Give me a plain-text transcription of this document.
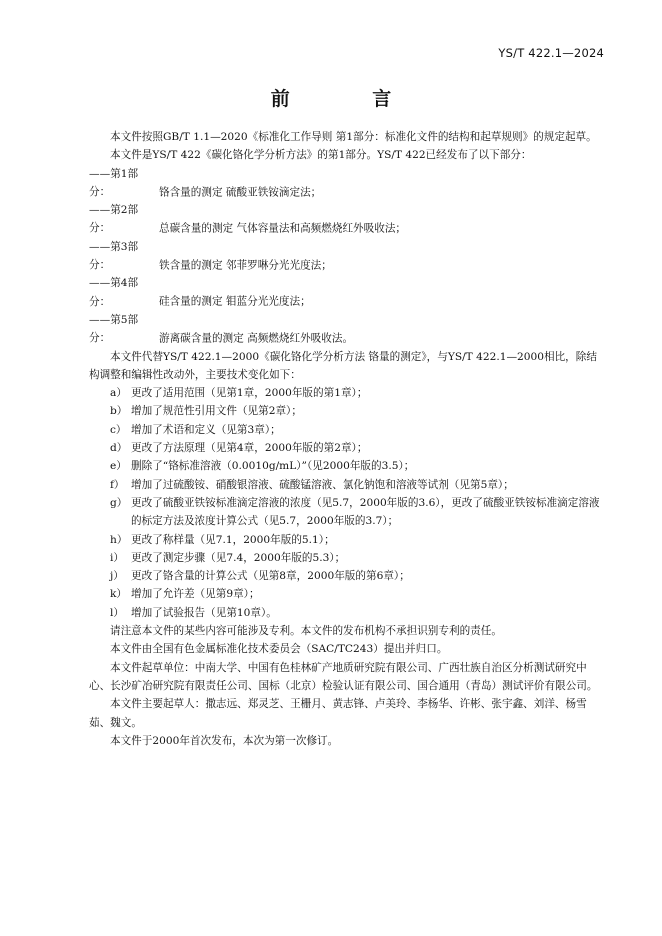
YS/T 422.1—2024
前 言

本文件按照GB/T 1.1—2020《标准化工作导则 第1部分：标准化文件的结构和起草规则》的规定起草。

本文件是YS/T 422《碳化铬化学分析方法》的第1部分。YS/T 422已经发布了以下部分：

——第1部分：	铬含量的测定 硫酸亚铁铵滴定法；

——第2部分：	总碳含量的测定 气体容量法和高频燃烧红外吸收法；

——第3部分：	铁含量的测定 邻菲罗啉分光光度法；

——第4部分：	硅含量的测定 钼蓝分光光度法；

——第5部分：	游离碳含量的测定 高频燃烧红外吸收法。

本文件代替YS/T 422.1—2000《碳化铬化学分析方法 铬量的测定》，与YS/T 422.1—2000相比，除结构调整和编辑性改动外，主要技术变化如下：

a） 更改了适用范围（见第1章，2000年版的第1章）；
b） 增加了规范性引用文件（见第2章）；
c） 增加了术语和定义（见第3章）；
d） 更改了方法原理（见第4章，2000年版的第2章）；
e） 删除了“铬标准溶液（0.0010g/mL）”（见2000年版的3.5）；
f） 增加了过硫酸铵、硝酸银溶液、硫酸锰溶液、氯化钠饱和溶液等试剂（见第5章）；
g） 更改了硫酸亚铁铵标准滴定溶液的浓度（见5.7，2000年版的3.6），更改了硫酸亚铁铵标准滴定溶液的标定方法及浓度计算公式（见5.7，2000年版的3.7）；
h） 更改了称样量（见7.1，2000年版的5.1）；
i） 更改了测定步骤（见7.4，2000年版的5.3）；
j） 更改了铬含量的计算公式（见第8章，2000年版的第6章）；
k） 增加了允许差（见第9章）；
l） 增加了试验报告（见第10章）。

请注意本文件的某些内容可能涉及专利。本文件的发布机构不承担识别专利的责任。

本文件由全国有色金属标准化技术委员会（SAC/TC243）提出并归口。

本文件起草单位：中南大学、中国有色桂林矿产地质研究院有限公司、广西壮族自治区分析测试研究中心、长沙矿冶研究院有限责任公司、国标（北京）检验认证有限公司、国合通用（青岛）测试评价有限公司。

本文件主要起草人：撒志远、郑灵芝、王栅月、黄志锋、卢美玲、李杨华、许彬、张宇鑫、刘洋、杨雪茹、魏文。

本文件于2000年首次发布，本次为第一次修订。
